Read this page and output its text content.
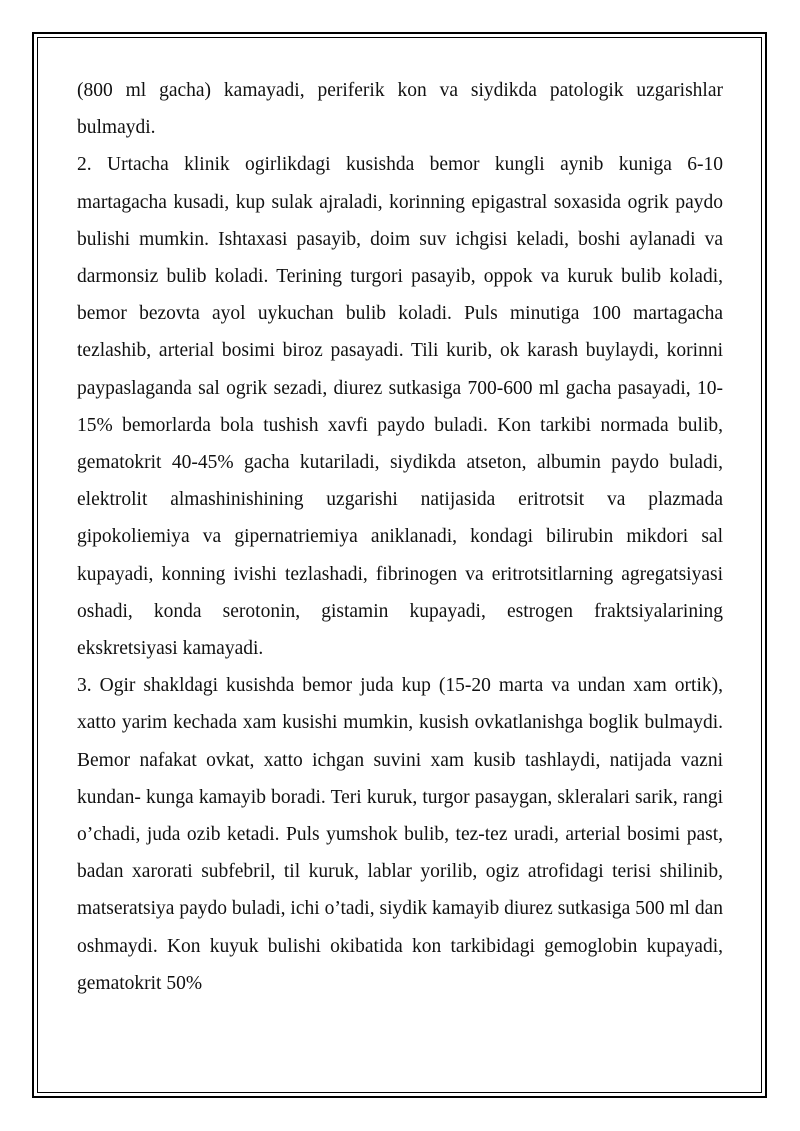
(800 ml gacha) kamayadi, periferik kon va siydikda patologik uzgarishlar bulmaydi.

2. Urtacha klinik ogirlikdagi kusishda bemor kungli aynib kuniga 6-10 martagacha kusadi, kup sulak ajraladi, korinning epigastral soxasida ogrik paydo bulishi mumkin. Ishtaxasi pasayib, doim suv ichgisi keladi, boshi aylanadi va darmonsiz bulib koladi. Terining turgori pasayib, oppok va kuruk bulib koladi, bemor bezovta ayol uykuchan bulib koladi. Puls minutiga 100 martagacha tezlashib, arterial bosimi biroz pasayadi. Tili kurib, ok karash buylaydi, korinni paypaslaganda sal ogrik sezadi, diurez sutkasiga 700-600 ml gacha pasayadi, 10-15% bemorlarda bola tushish xavfi paydo buladi. Kon tarkibi normada bulib, gematokrit 40-45% gacha kutariladi, siydikda atseton, albumin paydo buladi, elektrolit almashinishining uzgarishi natijasida eritrotsit va plazmada gipokoliemiya va gipernatriemiya aniklanadi, kondagi bilirubin mikdori sal kupayadi, konning ivishi tezlashadi, fibrinogen va eritrotsitlarning agregatsiyasi oshadi, konda serotonin, gistamin kupayadi, estrogen fraktsiyalarining ekskretsiyasi kamayadi.

3. Ogir shakldagi kusishda bemor juda kup (15-20 marta va undan xam ortik), xatto yarim kechada xam kusishi mumkin, kusish ovkatlanishga boglik bulmaydi. Bemor nafakat ovkat, xatto ichgan suvini xam kusib tashlaydi, natijada vazni kundan- kunga kamayib boradi. Teri kuruk, turgor pasaygan, skleralari sarik, rangi o’chadi, juda ozib ketadi. Puls yumshok bulib, tez-tez uradi, arterial bosimi past, badan xarorati subfebril, til kuruk, lablar yorilib, ogiz atrofidagi terisi shilinib, matseratsiya paydo buladi, ichi o’tadi, siydik kamayib diurez sutkasiga 500 ml dan oshmaydi. Kon kuyuk bulishi okibatida kon tarkibidagi gemoglobin kupayadi, gematokrit 50%
